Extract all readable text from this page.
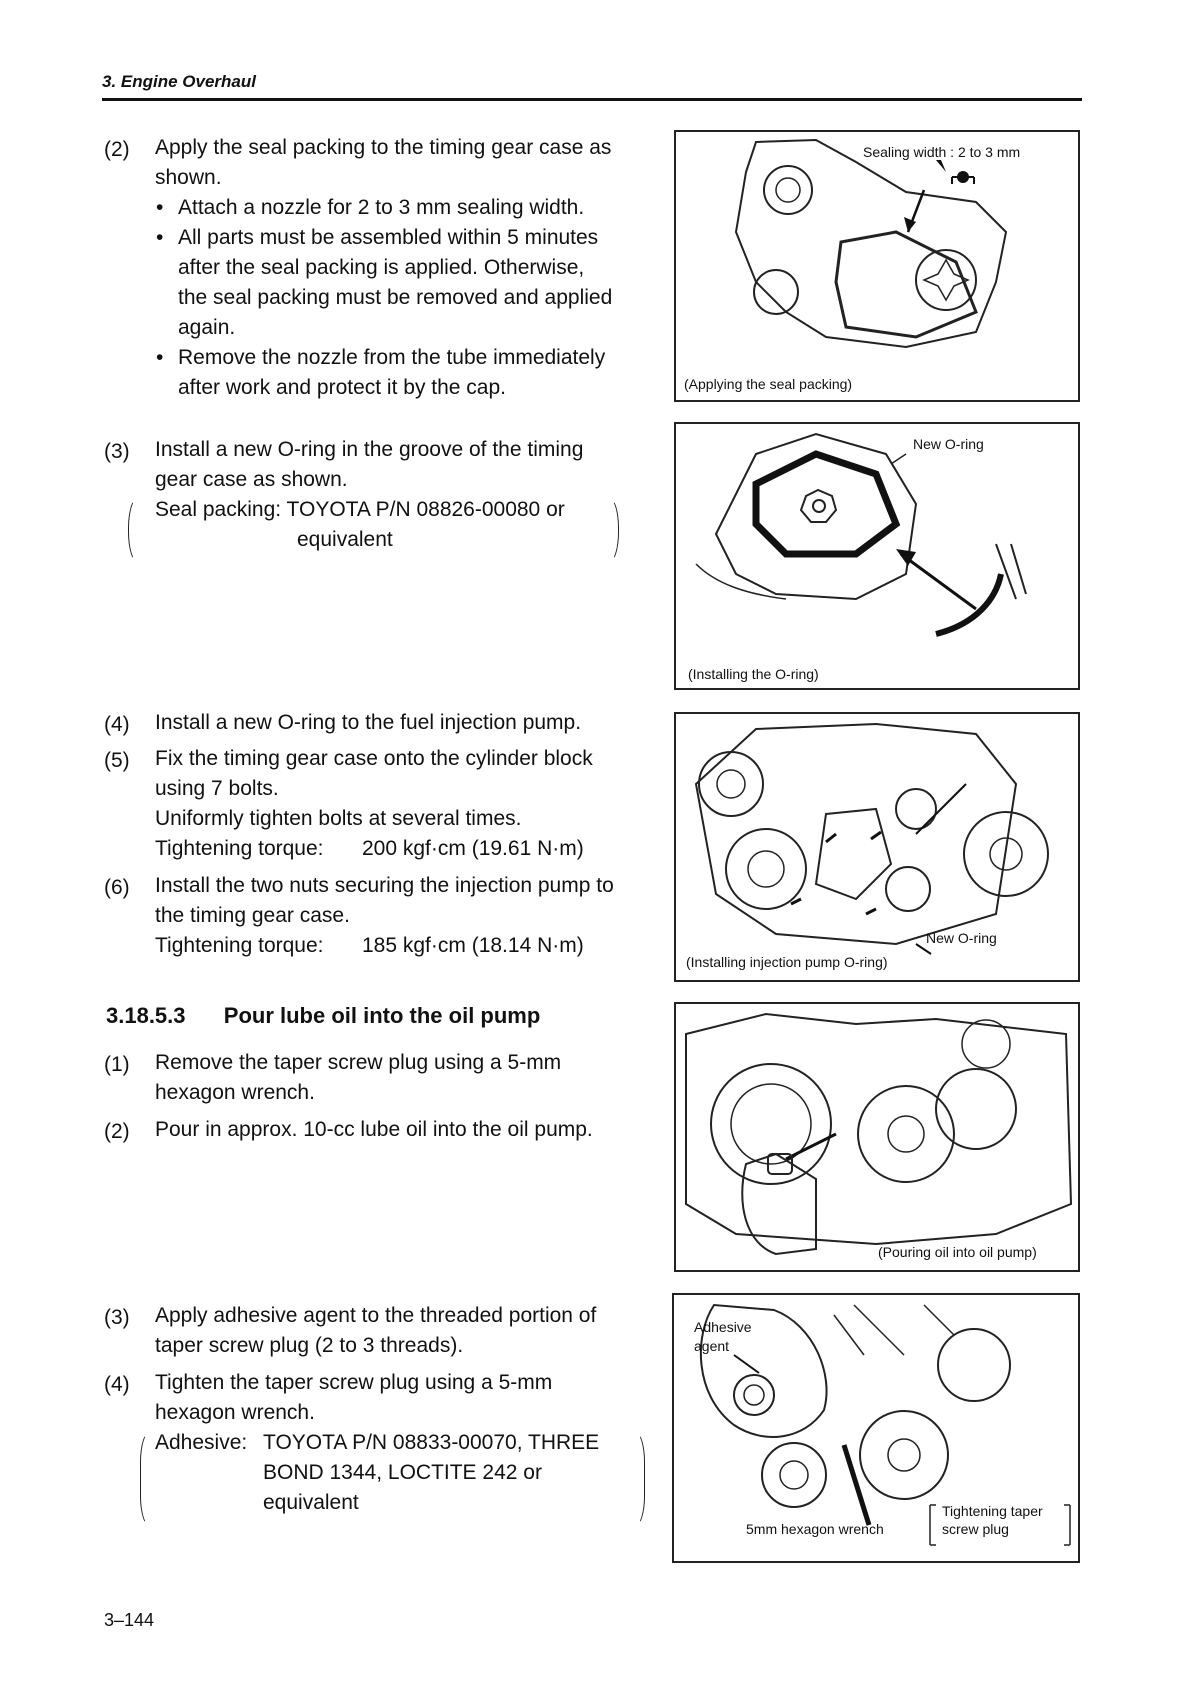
3. Engine Overhaul
(2) Apply the seal packing to the timing gear case as
shown.
• Attach a nozzle for 2 to 3 mm sealing width.
• All parts must be assembled within 5 minutes
after the seal packing is applied. Otherwise,
the seal packing must be removed and applied
again.
• Remove the nozzle from the tube immediately
after work and protect it by the cap.
(3) Install a new O-ring in the groove of the timing
gear case as shown.
Seal packing: TOYOTA P/N 08826-00080 or
equivalent
(4) Install a new O-ring to the fuel injection pump.
(5) Fix the timing gear case onto the cylinder block
using 7 bolts.
Uniformly tighten bolts at several times.
Tightening torque: 200 kgf·cm (19.61 N·m)
(6) Install the two nuts securing the injection pump to
the timing gear case.
Tightening torque: 185 kgf·cm (18.14 N·m)
3.18.5.3 Pour lube oil into the oil pump
(1) Remove the taper screw plug using a 5-mm
hexagon wrench.
(2) Pour in approx. 10-cc lube oil into the oil pump.
(3) Apply adhesive agent to the threaded portion of
taper screw plug (2 to 3 threads).
(4) Tighten the taper screw plug using a 5-mm
hexagon wrench.
Adhesive: TOYOTA P/N 08833-00070, THREE
BOND 1344, LOCTITE 242 or
equivalent
Sealing width : 2 to 3 mm
(Applying the seal packing)
New O-ring
(Installing the O-ring)
New O-ring
(Installing injection pump O-ring)
(Pouring oil into oil pump)
Adhesive
agent
5mm hexagon wrench
Tightening taper
screw plug
3–144
